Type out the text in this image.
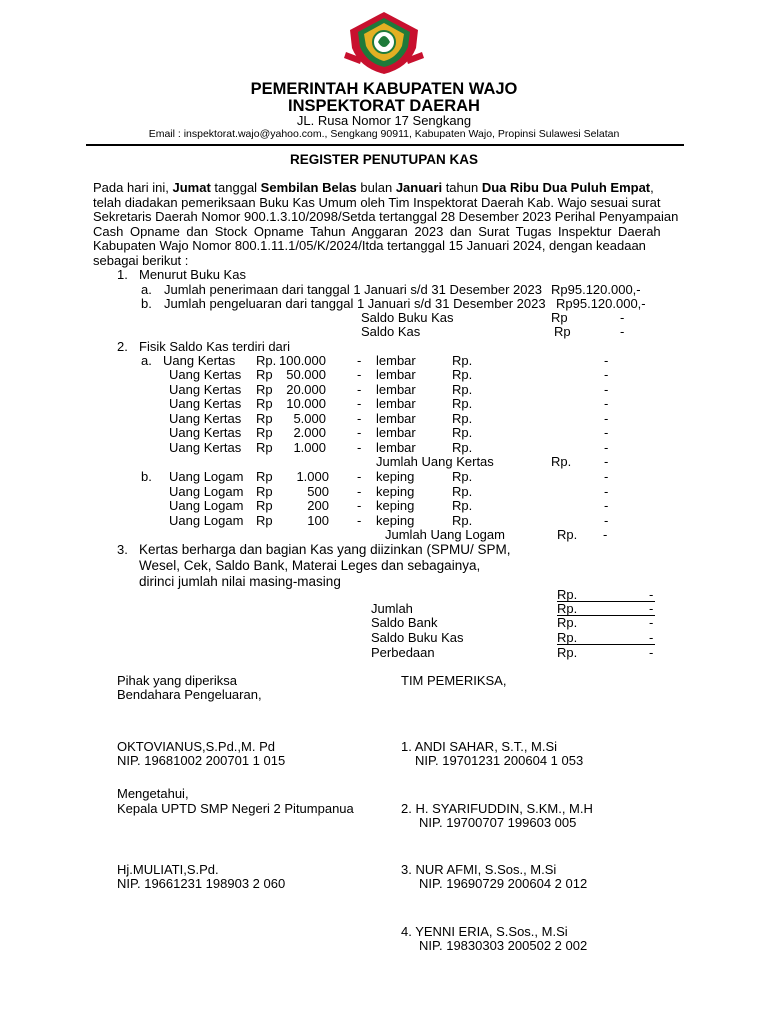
PEMERINTAH KABUPATEN WAJO
INSPEKTORAT DAERAH
JL. Rusa Nomor 17 Sengkang
Email : inspektorat.wajo@yahoo.com., Sengkang 90911, Kabupaten Wajo, Propinsi Sulawesi Selatan
REGISTER PENUTUPAN KAS
Pada hari ini, Jumat tanggal Sembilan Belas bulan Januari tahun Dua Ribu Dua Puluh Empat,
telah diadakan pemeriksaan Buku Kas Umum oleh Tim Inspektorat Daerah Kab. Wajo sesuai surat
Sekretaris Daerah Nomor 900.1.3.10/2098/Setda tertanggal 28 Desember 2023 Perihal Penyampaian
Cash Opname dan Stock Opname Tahun Anggaran 2023 dan Surat Tugas Inspektur Daerah
Kabupaten Wajo Nomor 800.1.11.1/05/K/2024/Itda tertanggal 15 Januari 2024, dengan keadaan
sebagai berikut :
1. Menurut Buku Kas
a. Jumlah penerimaan dari tanggal 1 Januari s/d 31 Desember 2023 Rp95.120.000,-
b. Jumlah pengeluaran dari tanggal 1 Januari s/d 31 Desember 2023 Rp95.120.000,-
Saldo Buku Kas	Rp	-
Saldo Kas	Rp	-
2. Fisik Saldo Kas terdiri dari
a.
b.
Uang Kertas Rp. 100.000 - lembar	Rp.	-
Uang Kertas Rp	50.000 - lembar	Rp.	-
Uang Kertas Rp	20.000 - lembar	Rp.	-
Uang Kertas Rp	10.000 - lembar	Rp.	-
Uang Kertas Rp	5.000 - lembar	Rp.	-
Uang Kertas Rp	2.000 - lembar	Rp.	-
Uang Kertas Rp	1.000 - lembar	Rp.	-
Jumlah Uang Kertas	Rp.	-
Uang Logam Rp	1.000 - keping	Rp.	-
Uang Logam Rp	500 - keping	Rp.	-
Uang Logam Rp	200 - keping	Rp.	-
Uang Logam Rp	100 - keping	Rp.	-
Jumlah Uang Logam	Rp. -
3. Kertas berharga dan bagian Kas yang diizinkan (SPMU/ SPM,
Wesel, Cek, Saldo Bank, Materai Leges dan sebagainya,
dirinci jumlah nilai masing-masing
Rp.	-
Jumlah	Rp.	-
Saldo Bank	Rp.	-
Saldo Buku Kas	Rp.	-
Perbedaan	Rp.	-
Pihak yang diperiksa
Bendahara Pengeluaran,
TIM PEMERIKSA,
OKTOVIANUS,S.Pd.,M. Pd
NIP. 19681002 200701 1 015
1. ANDI SAHAR, S.T., M.Si
NIP. 19701231 200604 1 053
Mengetahui,
Kepala UPTD SMP Negeri 2 Pitumpanua	2. H. SYARIFUDDIN, S.KM., M.H
NIP. 19700707 199603 005
Hj.MULIATI,S.Pd.
NIP. 19661231 198903 2 060
3. NUR AFMI, S.Sos., M.Si
NIP. 19690729 200604 2 012
4. YENNI ERIA, S.Sos., M.Si
NIP. 19830303 200502 2 002
